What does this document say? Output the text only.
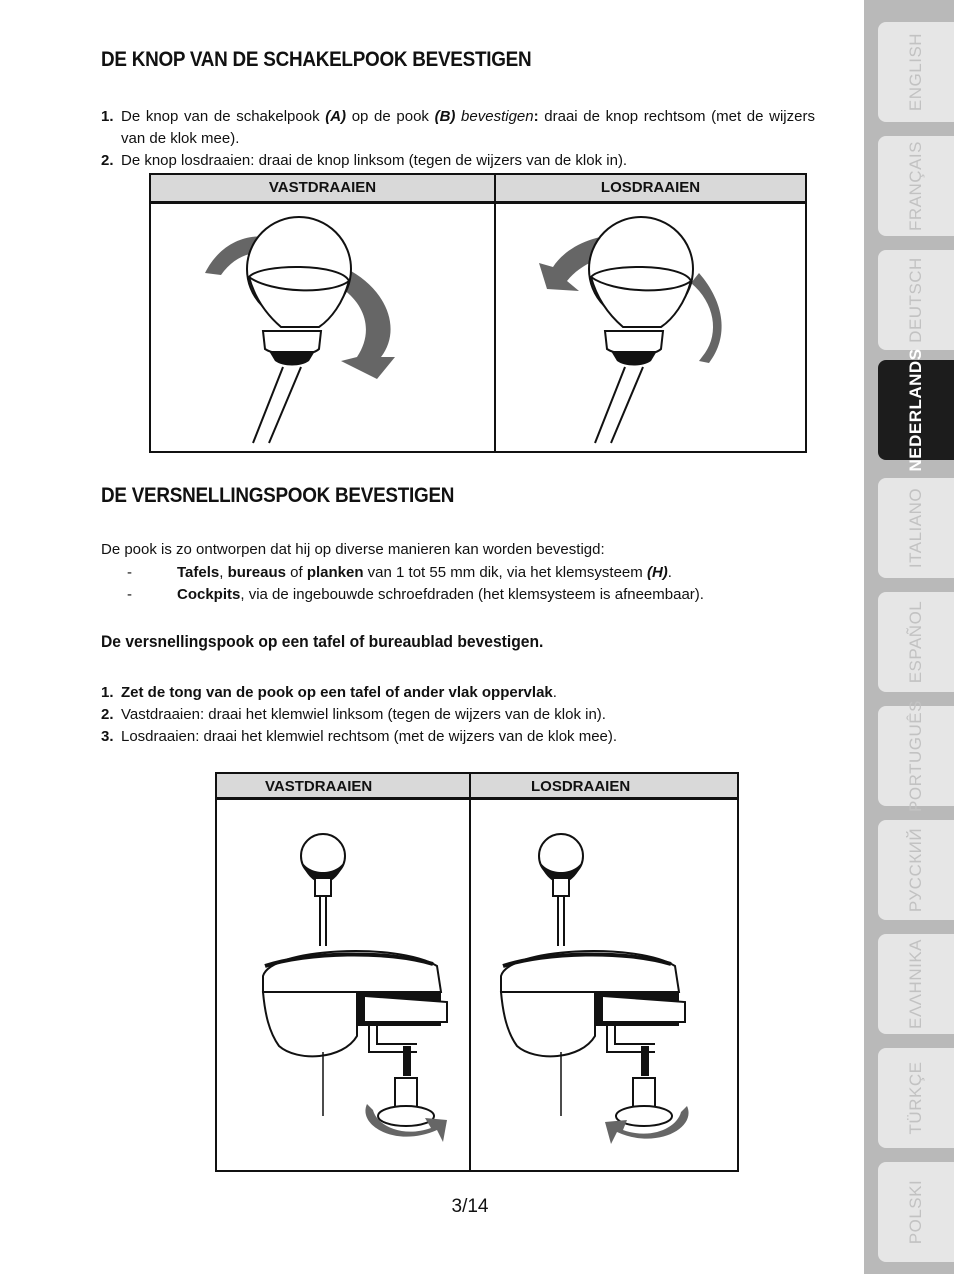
DE KNOP VAN DE SCHAKELPOOK BEVESTIGEN
1. De knop van de schakelpook (A) op de pook (B) bevestigen: draai de knop rechtsom (met de wijzers van de klok mee).
2. De knop losdraaien: draai de knop linksom (tegen de wijzers van de klok in).
VASTDRAAIEN	LOSDRAAIEN
DE VERSNELLINGSPOOK BEVESTIGEN

De pook is zo ontworpen dat hij op diverse manieren kan worden bevestigd:

-	Tafels, bureaus of planken van 1 tot 55 mm dik, via het klemsysteem (H).
-	Cockpits, via de ingebouwde schroefdraden (het klemsysteem is afneembaar).
De versnellingspook op een tafel of bureaublad bevestigen.
1. Zet de tong van de pook op een tafel of ander vlak oppervlak.
2. Vastdraaien: draai het klemwiel linksom (tegen de wijzers van de klok in).
3. Losdraaien: draai het klemwiel rechtsom (met de wijzers van de klok mee).
VASTDRAAIEN	LOSDRAAIEN
3/14
ENGLISH
FRANÇAIS
DEUTSCH
NEDERLANDS
ITALIANO
ESPAÑOL
PORTUGUÊS
РУССКИЙ
ΕΛΛΗΝΙΚΑ
TÜRKÇE
POLSKI
